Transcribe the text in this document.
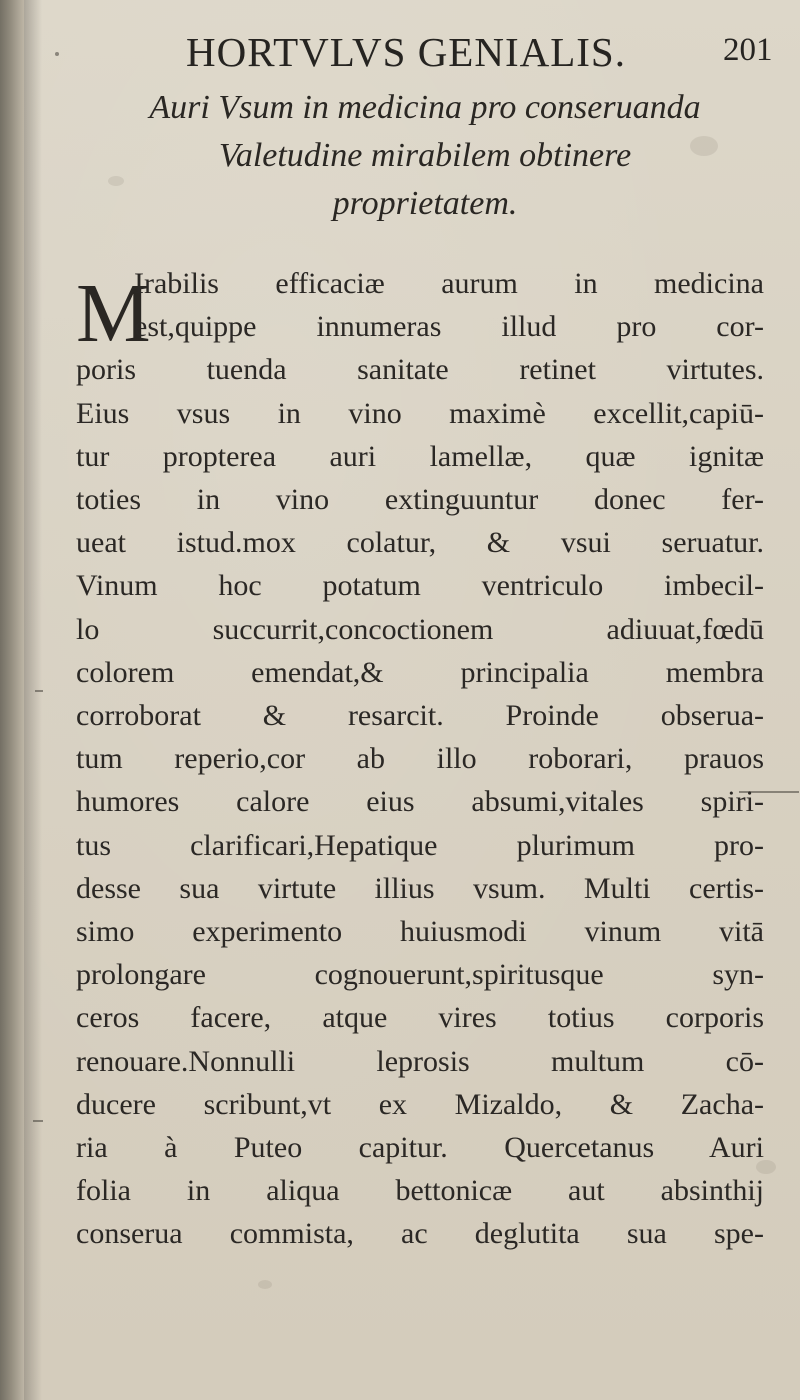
HORTVLVS GENIALIS.	201
Auri Vsum in medicina pro conseruanda
Valetudine mirabilem obtinere
proprietatem.
M
Irabilis efficaciæ aurum in medicina
est,quippe innumeras illud pro cor-
poris tuenda sanitate retinet virtutes.
Eius vsus in vino maximè excellit,capiū-
tur propterea auri lamellæ, quæ ignitæ
toties in vino extinguuntur donec fer-
ueat istud.mox colatur, & vsui seruatur.
Vinum hoc potatum ventriculo imbecil-
lo succurrit,concoctionem adiuuat,fœdū
colorem emendat,& principalia membra
corroborat & resarcit. Proinde obserua-
tum reperio,cor ab illo roborari, prauos
humores calore eius absumi,vitales spiri-
tus clarificari,Hepatique plurimum pro-
desse sua virtute illius vsum. Multi certis-
simo experimento huiusmodi vinum vitā
prolongare cognouerunt,spiritusque syn-
ceros facere, atque vires totius corporis
renouare.Nonnulli leprosis multum cō-
ducere scribunt,vt ex Mizaldo, & Zacha-
ria à Puteo capitur. Quercetanus Auri
folia in aliqua bettonicæ aut absinthij
conserua commista, ac deglutita sua spe-
